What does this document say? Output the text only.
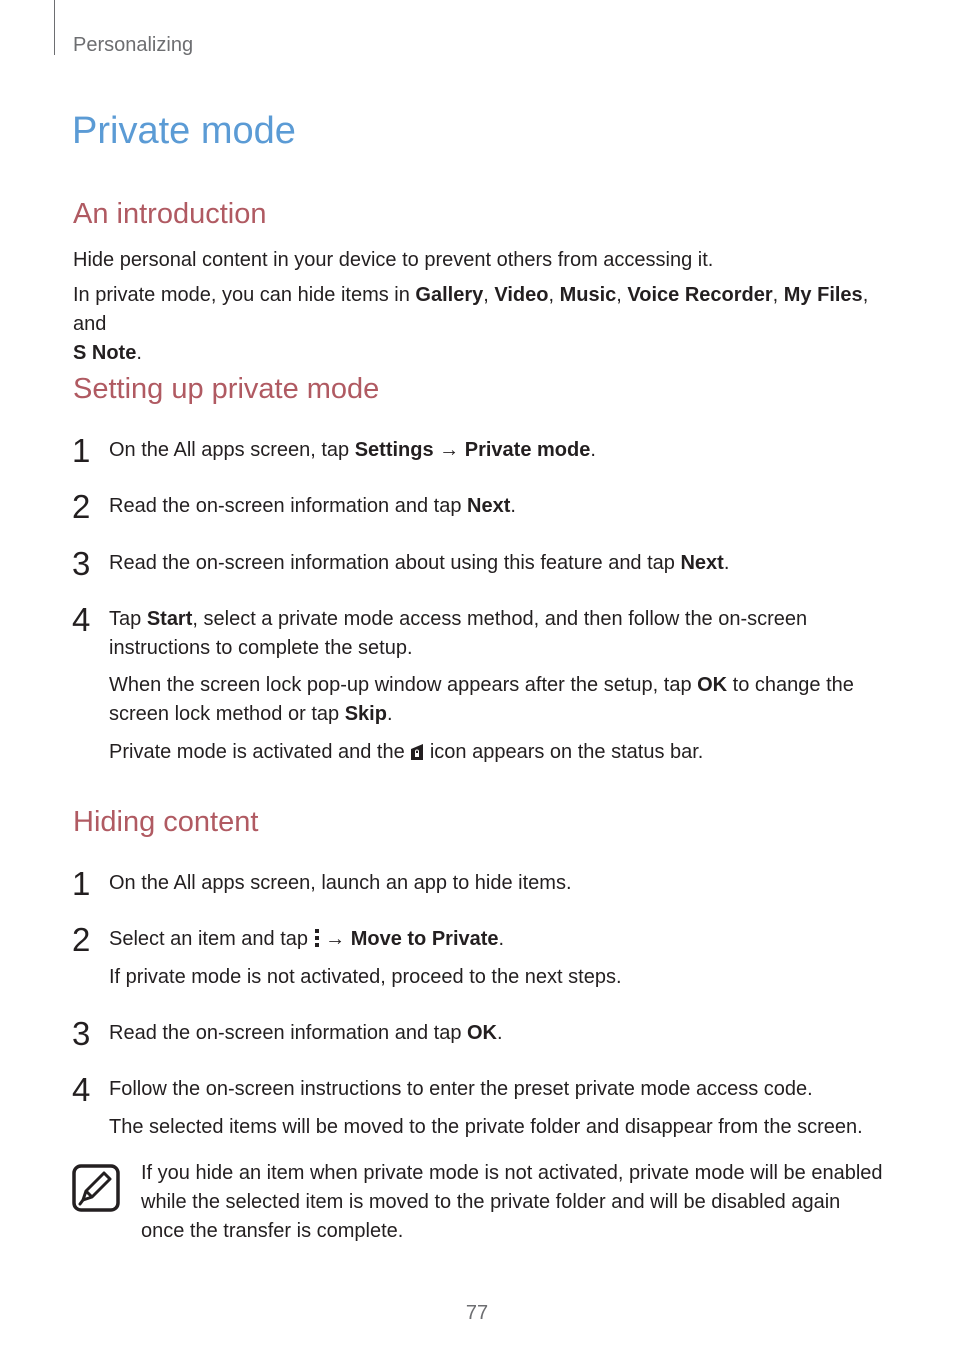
Personalizing
Private mode
An introduction

Hide personal content in your device to prevent others from accessing it.

In private mode, you can hide items in Gallery, Video, Music, Voice Recorder, My Files, and
S Note.

Setting up private mode
1 On the All apps screen, tap Settings → Private mode.

2 Read the on-screen information and tap Next.

3 Read the on-screen information about using this feature and tap Next.

4 Tap Start, select a private mode access method, and then follow the on-screen instructions to complete the setup.

When the screen lock pop-up window appears after the setup, tap OK to change the screen lock method or tap Skip.

Private mode is activated and the  icon appears on the status bar.

Hiding content
1 On the All apps screen, launch an app to hide items.

2 Select an item and tap  → Move to Private.

If private mode is not activated, proceed to the next steps.

3 Read the on-screen information and tap OK.

4 Follow the on-screen instructions to enter the preset private mode access code.

The selected items will be moved to the private folder and disappear from the screen.

If you hide an item when private mode is not activated, private mode will be enabled while the selected item is moved to the private folder and will be disabled again once the transfer is complete.

77
